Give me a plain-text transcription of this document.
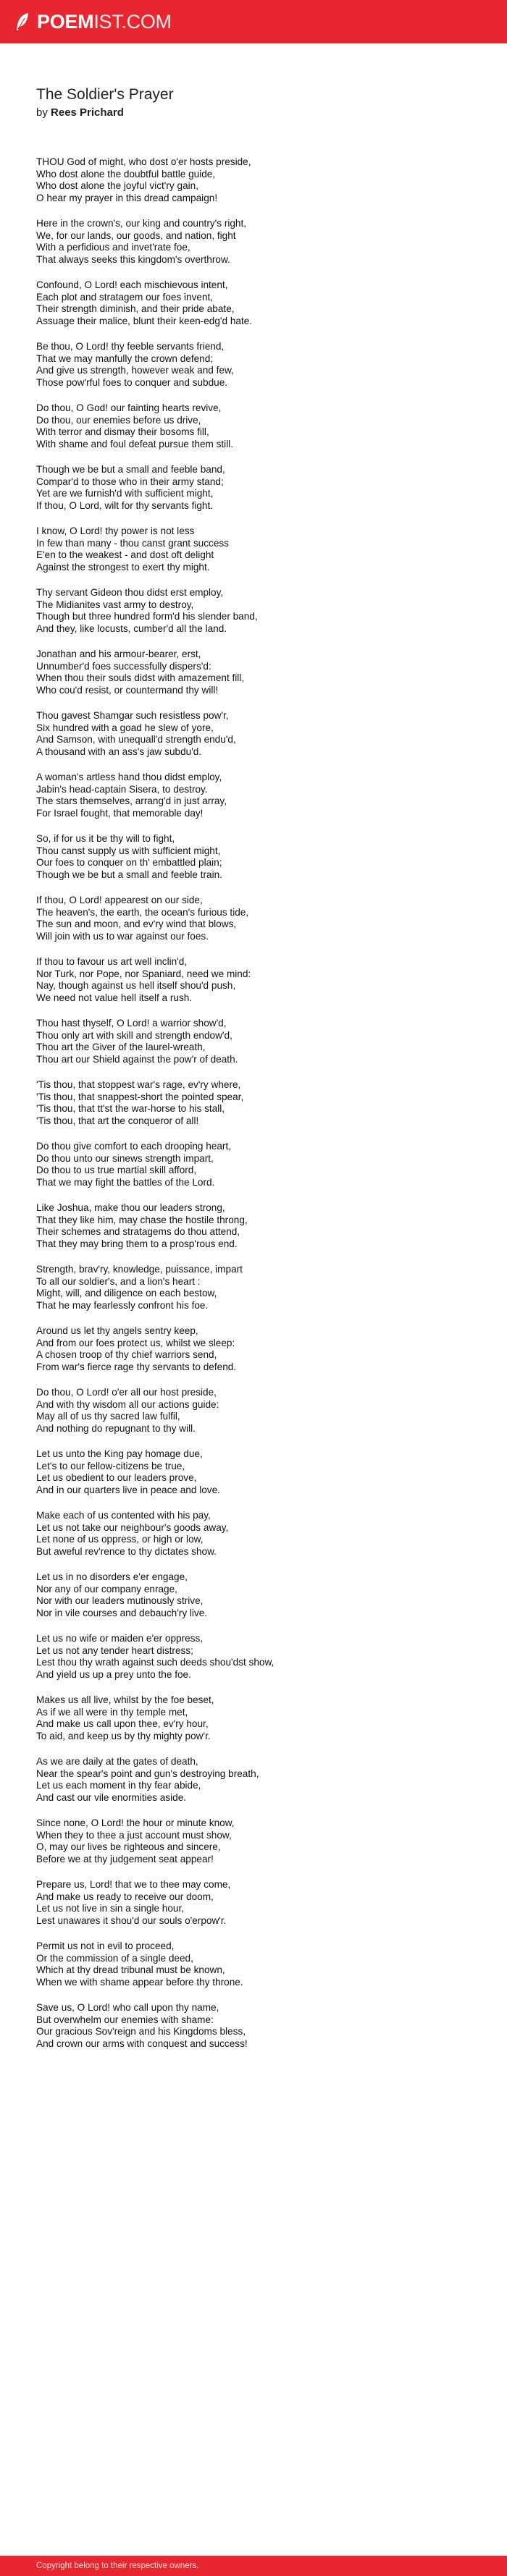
POEMIST.COM
The Soldier's Prayer
by Rees Prichard

THOU God of might, who dost o'er hosts preside,
Who dost alone the doubtful battle guide,
Who dost alone the joyful vict'ry gain,
O hear my prayer in this dread campaign!

Here in the crown's, our king and country's right,
We, for our lands, our goods, and nation, fight
With a perfidious and invet'rate foe,
That always seeks this kingdom's overthrow.

Confound, O Lord! each mischievous intent,
Each plot and stratagem our foes invent,
Their strength diminish, and their pride abate,
Assuage their malice, blunt their keen-edg'd hate.

Be thou, O Lord! thy feeble servants friend,
That we may manfully the crown defend;
And give us strength, however weak and few,
Those pow'rful foes to conquer and subdue.

Do thou, O God! our fainting hearts revive,
Do thou, our enemies before us drive,
With terror and dismay their bosoms fill,
With shame and foul defeat pursue them still.

Though we be but a small and feeble band,
Compar'd to those who in their army stand;
Yet are we furnish'd with sufficient might,
If thou, O Lord, wilt for thy servants fight.

I know, O Lord! thy power is not less
In few than many - thou canst grant success
E'en to the weakest - and dost oft delight
Against the strongest to exert thy might.

Thy servant Gideon thou didst erst employ,
The Midianites vast army to destroy,
Though but three hundred form'd his slender band,
And they, like locusts, cumber'd all the land.

Jonathan and his armour-bearer, erst,
Unnumber'd foes successfully dispers'd:
When thou their souls didst with amazement fill,
Who cou'd resist, or countermand thy will!

Thou gavest Shamgar such resistless pow'r,
Six hundred with a goad he slew of yore,
And Samson, with unequall'd strength endu'd,
A thousand with an ass's jaw subdu'd.

A woman's artless hand thou didst employ,
Jabin's head-captain Sisera, to destroy.
The stars themselves, arrang'd in just array,
For Israel fought, that memorable day!

So, if for us it be thy will to fight,
Thou canst supply us with sufficient might,
Our foes to conquer on th' embattled plain;
Though we be but a small and feeble train.

If thou, O Lord! appearest on our side,
The heaven's, the earth, the ocean's furious tide,
The sun and moon, and ev'ry wind that blows,
Will join with us to war against our foes.

If thou to favour us art well inclin'd,
Nor Turk, nor Pope, nor Spaniard, need we mind:
Nay, though against us hell itself shou'd push,
We need not value hell itself a rush.

Thou hast thyself, O Lord! a warrior show'd,
Thou only art with skill and strength endow'd,
Thou art the Giver of the laurel-wreath,
Thou art our Shield against the pow'r of death.

'Tis thou, that stoppest war's rage, ev'ry where,
'Tis thou, that snappest-short the pointed spear,
'Tis thou, that tt'st the war-horse to his stall,
'Tis thou, that art the conqueror of all!

Do thou give comfort to each drooping heart,
Do thou unto our sinews strength impart,
Do thou to us true martial skill afford,
That we may fight the battles of the Lord.

Like Joshua, make thou our leaders strong,
That they like him, may chase the hostile throng,
Their schemes and stratagems do thou attend,
That they may bring them to a prosp'rous end.

Strength, brav'ry, knowledge, puissance, impart
To all our soldier's, and a lion's heart :
Might, will, and diligence on each bestow,
That he may fearlessly confront his foe.

Around us let thy angels sentry keep,
And from our foes protect us, whilst we sleep:
A chosen troop of thy chief warriors send,
From war's fierce rage thy servants to defend.

Do thou, O Lord! o'er all our host preside,
And with thy wisdom all our actions guide:
May all of us thy sacred law fulfil,
And nothing do repugnant to thy will.

Let us unto the King pay homage due,
Let's to our fellow-citizens be true,
Let us obedient to our leaders prove,
And in our quarters live in peace and love.

Make each of us contented with his pay,
Let us not take our neighbour's goods away,
Let none of us oppress, or high or low,
But aweful rev'rence to thy dictates show.

Let us in no disorders e'er engage,
Nor any of our company enrage,
Nor with our leaders mutinously strive,
Nor in vile courses and debauch'ry live.

Let us no wife or maiden e'er oppress,
Let us not any tender heart distress;
Lest thou thy wrath against such deeds shou'dst show,
And yield us up a prey unto the foe.

Makes us all live, whilst by the foe beset,
As if we all were in thy temple met,
And make us call upon thee, ev'ry hour,
To aid, and keep us by thy mighty pow'r.

As we are daily at the gates of death,
Near the spear's point and gun's destroying breath,
Let us each moment in thy fear abide,
And cast our vile enormities aside.

Since none, O Lord! the hour or minute know,
When they to thee a just account must show,
O, may our lives be righteous and sincere,
Before we at thy judgement seat appear!

Prepare us, Lord! that we to thee may come,
And make us ready to receive our doom,
Let us not live in sin a single hour,
Lest unawares it shou'd our souls o'erpow'r.

Permit us not in evil to proceed,
Or the commission of a single deed,
Which at thy dread tribunal must be known,
When we with shame appear before thy throne.

Save us, O Lord! who call upon thy name,
But overwhelm our enemies with shame:
Our gracious Sov'reign and his Kingdoms bless,
And crown our arms with conquest and success!

Copyright belong to their respective owners.
